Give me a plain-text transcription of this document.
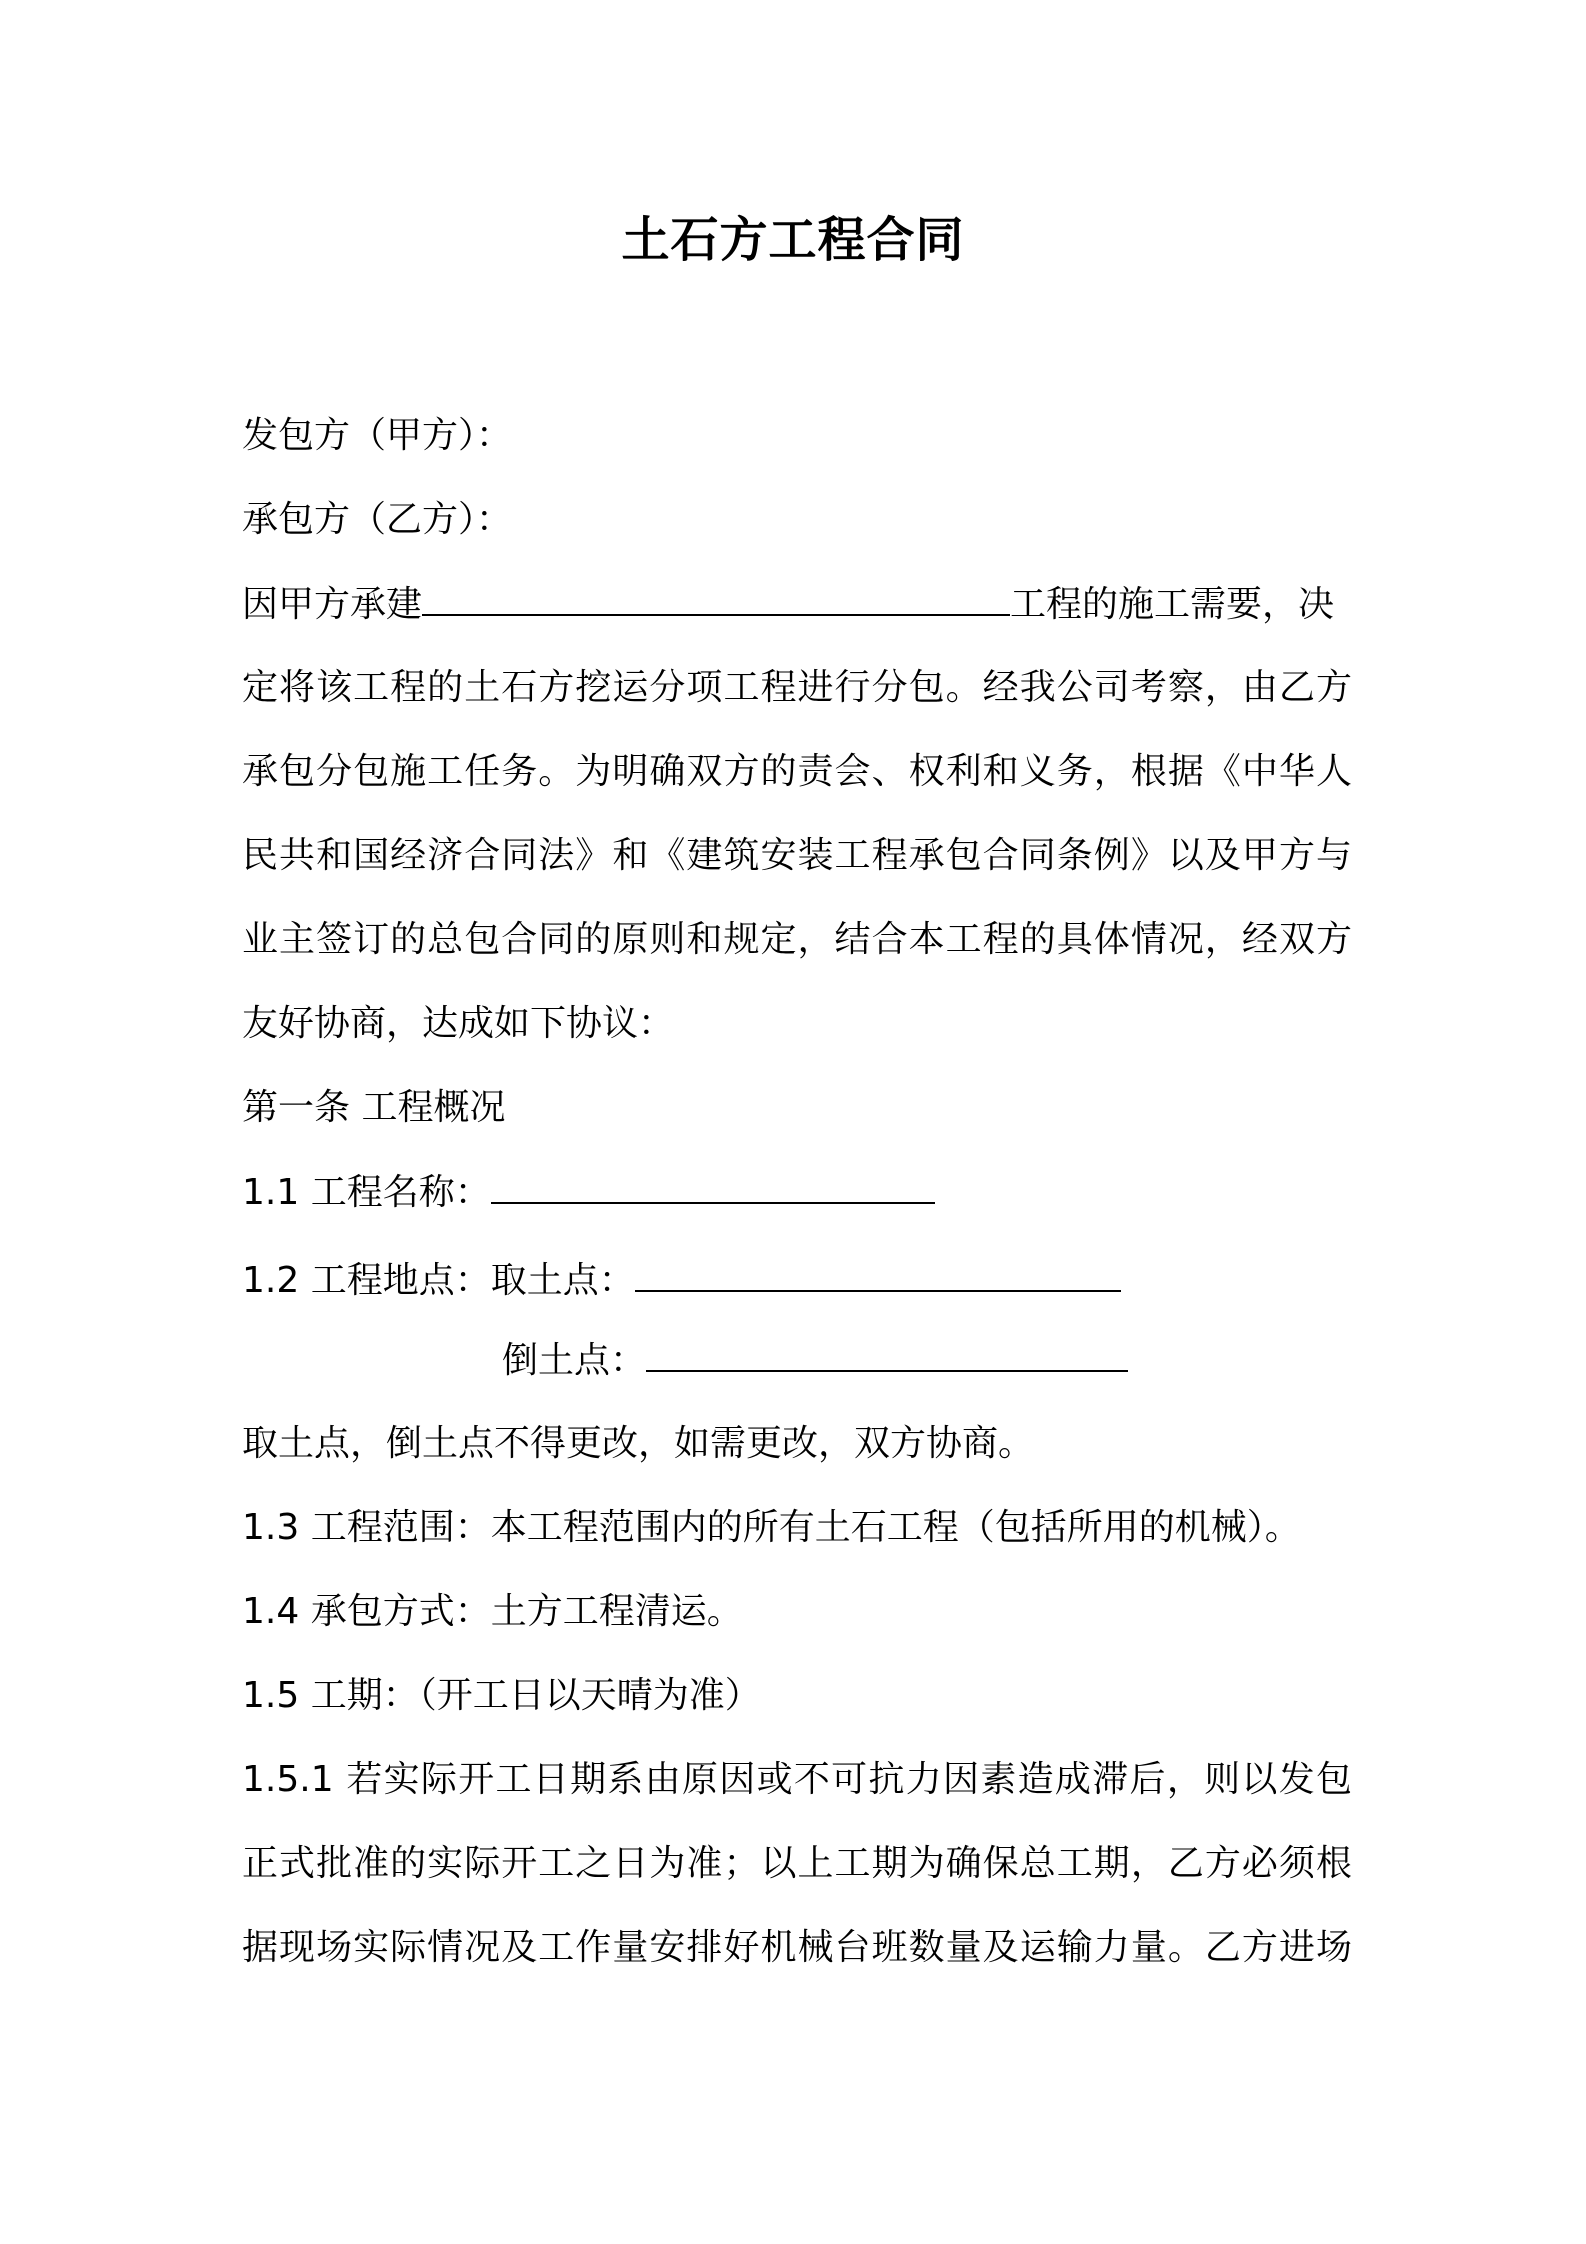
土石方工程合同
发包方（甲方）：
承包方（乙方）：
因甲方承建	工程的施工需要，决
定将该工程的土石方挖运分项工程进行分包。经我公司考察，由乙方
承包分包施工任务。为明确双方的责会、权利和义务，根据《中华人
民共和国经济合同法》和《建筑安装工程承包合同条例》以及甲方与
业主签订的总包合同的原则和规定，结合本工程的具体情况，经双方
友好协商，达成如下协议：
第一条 工程概况
1.1 工程名称：
1.2 工程地点：取土点：
倒土点：
取土点，倒土点不得更改，如需更改，双方协商。
1.3 工程范围：本工程范围内的所有土石工程（包括所用的机械）。
1.4 承包方式：土方工程清运。
1.5 工期：（开工日以天晴为准）
1.5.1 若实际开工日期系由原因或不可抗力因素造成滞后，则以发包
正式批准的实际开工之日为准；以上工期为确保总工期，乙方必须根
据现场实际情况及工作量安排好机械台班数量及运输力量。乙方进场
